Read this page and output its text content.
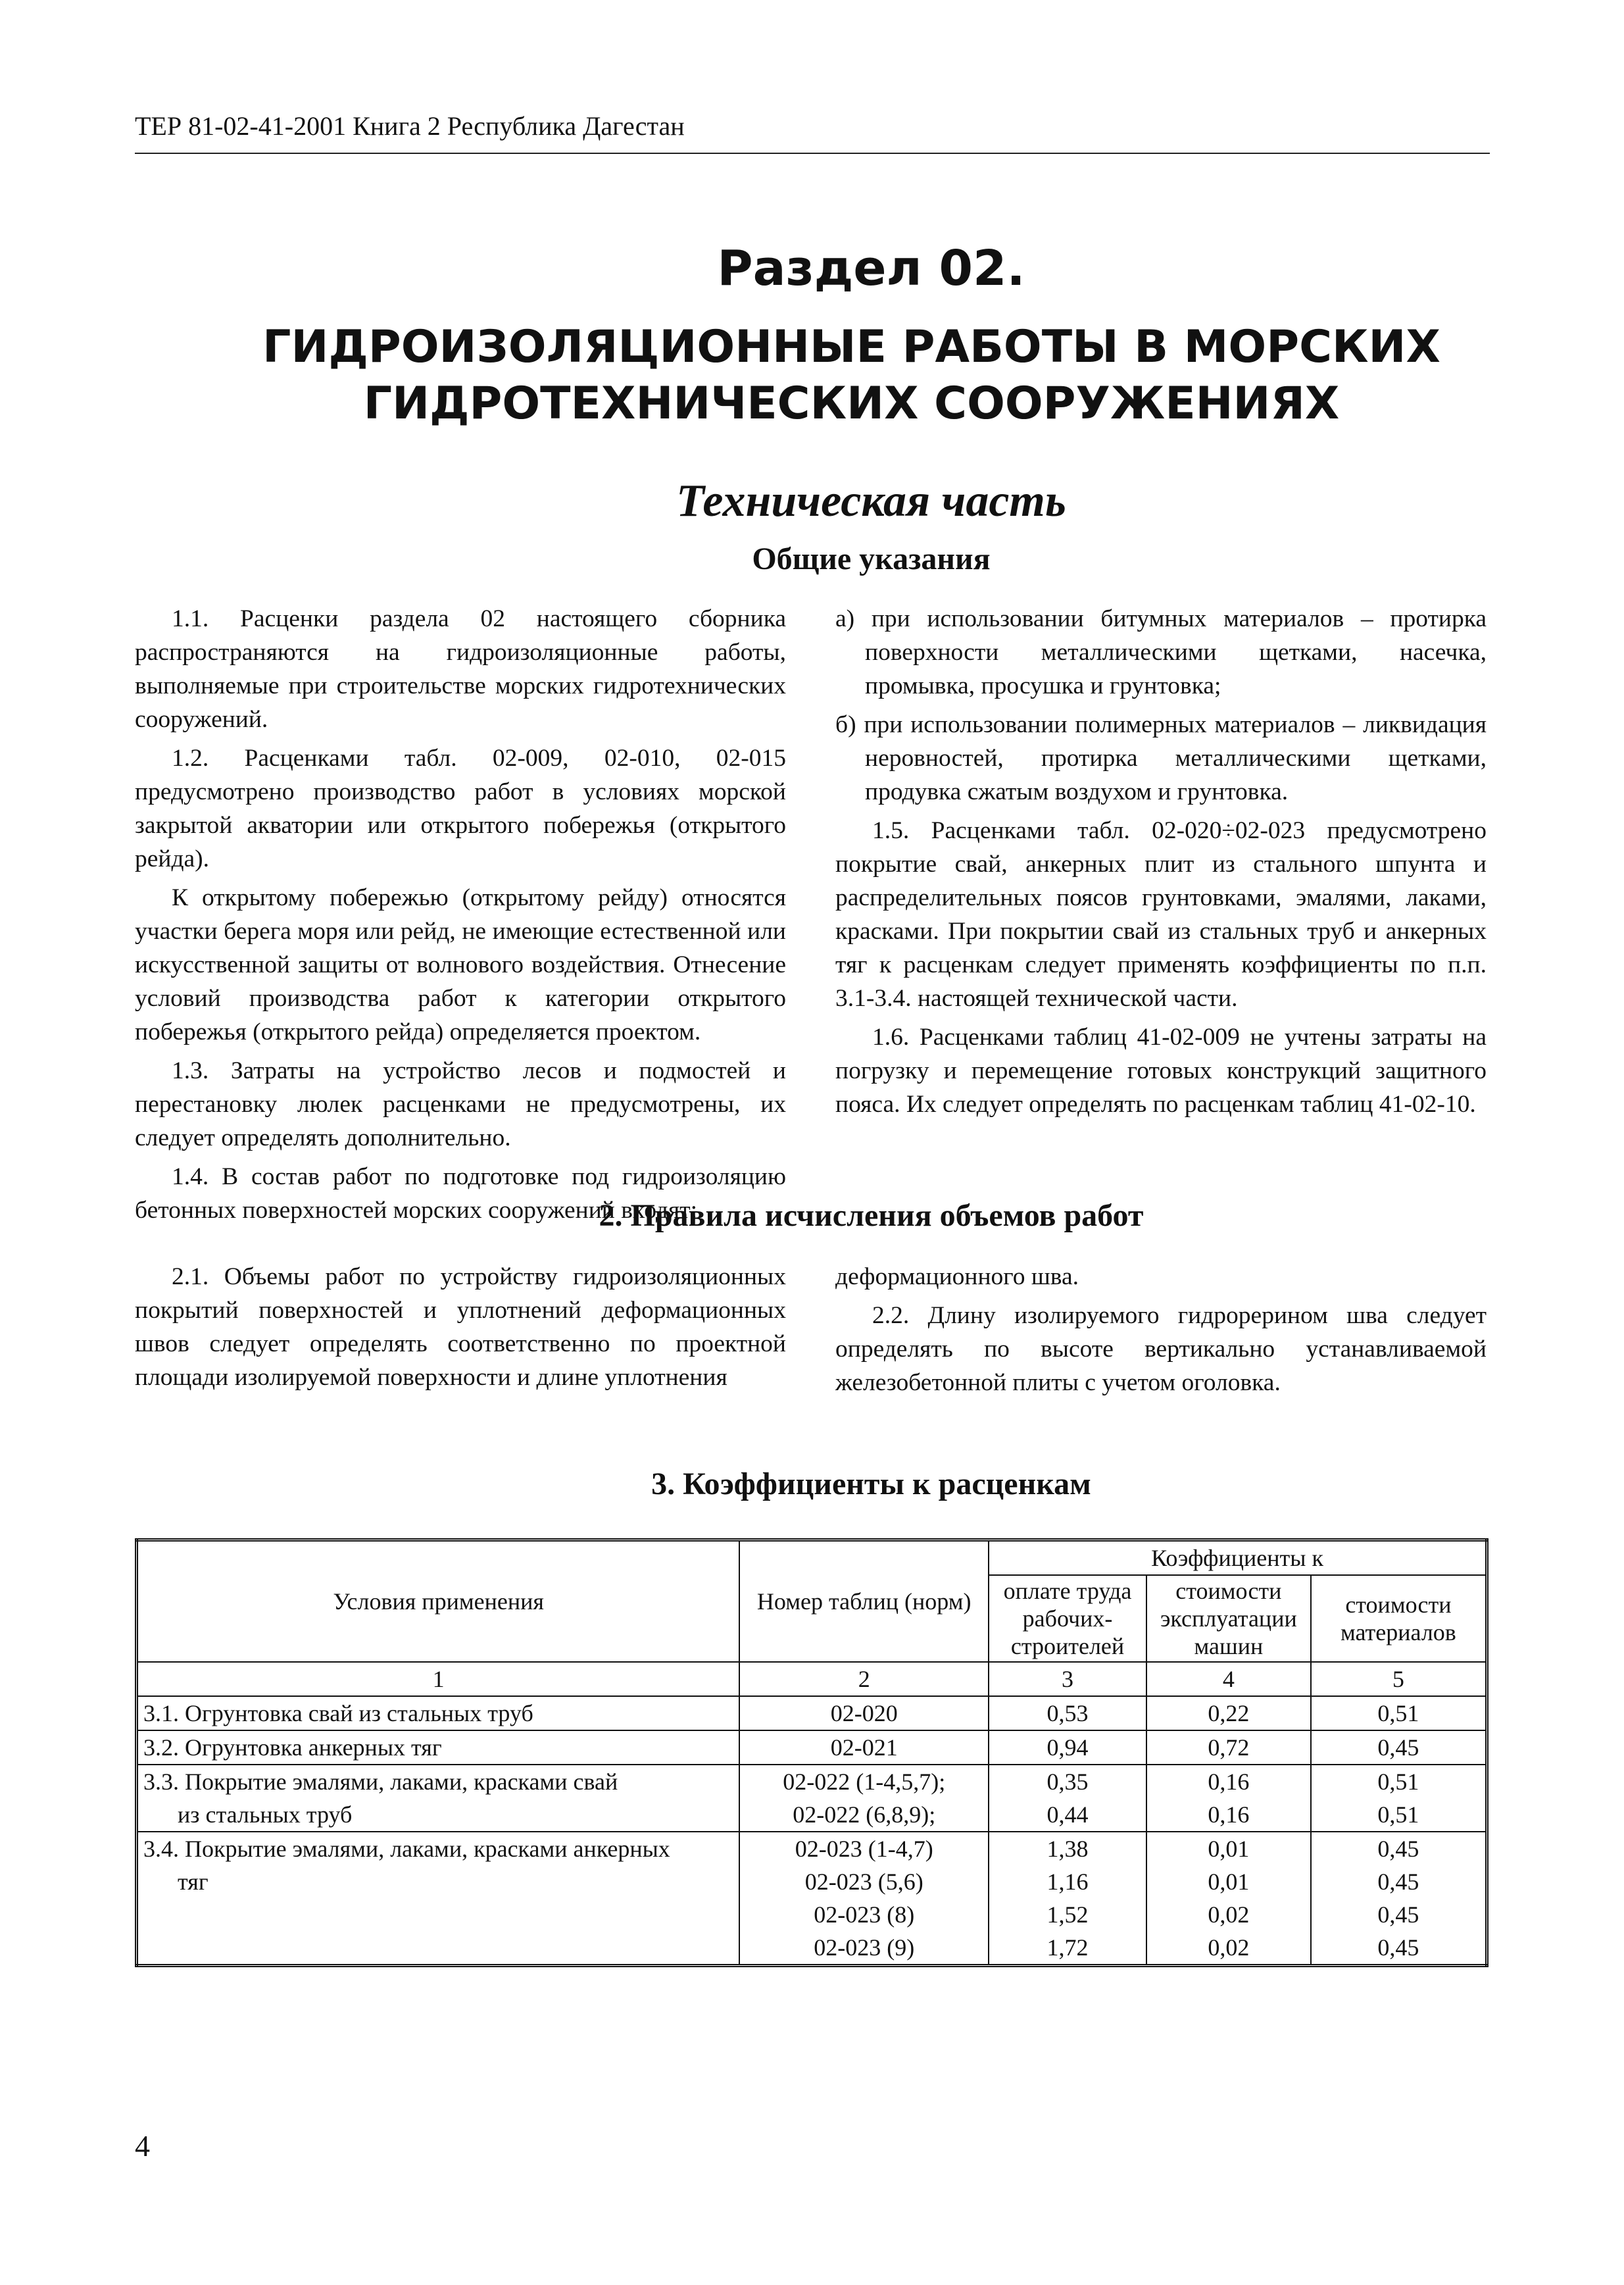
ТЕР 81-02-41-2001 Книга 2 Республика Дагестан
Раздел 02.
ГИДРОИЗОЛЯЦИОННЫЕ РАБОТЫ В МОРСКИХ
ГИДРОТЕХНИЧЕСКИХ СООРУЖЕНИЯХ
Техническая часть
Общие указания

1.1. Расценки раздела 02 настоящего сборника распространяются на гидроизоляционные работы, выполняемые при строительстве морских гидротехнических сооружений.

1.2. Расценками табл. 02-009, 02-010, 02-015 предусмотрено производство работ в условиях морской закрытой акватории или открытого побережья (открытого рейда).

К открытому побережью (открытому рейду) относятся участки берега моря или рейд, не имеющие естественной или искусственной защиты от волнового воздействия. Отнесение условий производства работ к категории открытого побережья (открытого рейда) определяется проектом.

1.3. Затраты на устройство лесов и подмостей и перестановку люлек расценками не предусмотрены, их следует определять дополнительно.

1.4. В состав работ по подготовке под гидроизоляцию бетонных поверхностей морских сооружений входят:

а) при использовании битумных материалов – протирка поверхности металлическими щетками, насечка, промывка, просушка и грунтовка;

б) при использовании полимерных материалов – ликвидация неровностей, протирка металлическими щетками, продувка сжатым воздухом и грунтовка.

1.5. Расценками табл. 02-020÷02-023 предусмотрено покрытие свай, анкерных плит из стального шпунта и распределительных поясов грунтовками, эмалями, лаками, красками. При покрытии свай из стальных труб и анкерных тяг к расценкам следует применять коэффициенты по п.п. 3.1-3.4. настоящей технической части.

1.6. Расценками таблиц 41-02-009 не учтены затраты на погрузку и перемещение готовых конструкций защитного пояса. Их следует определять по расценкам таблиц 41-02-10.

2. Правила исчисления объемов работ

2.1. Объемы работ по устройству гидроизоляционных покрытий поверхностей и уплотнений деформационных швов следует определять соответственно по проектной площади изолируемой поверхности и длине уплотнения

деформационного шва.

2.2. Длину изолируемого гидрорерином шва следует определять по высоте вертикально устанавливаемой железобетонной плиты с учетом оголовка.

3. Коэффициенты к расценкам
Условия применения	Номер таблиц (норм)	Коэффициенты к		
		оплате труда рабочих-строителей	стоимости эксплуатации машин	стоимости материалов
1	2	3	4	5
3.1. Огрунтовка свай из стальных труб	02-020	0,53	0,22	0,51
3.2. Огрунтовка анкерных тяг	02-021	0,94	0,72	0,45
3.3. Покрытие эмалями, лаками, красками свай	02-022 (1-4,5,7);	0,35	0,16	0,51
из стальных труб	02-022 (6,8,9);	0,44	0,16	0,51
3.4. Покрытие эмалями, лаками, красками анкерных	02-023 (1-4,7)	1,38	0,01	0,45
тяг	02-023 (5,6)	1,16	0,01	0,45
	02-023 (8)	1,52	0,02	0,45
	02-023 (9)	1,72	0,02	0,45
4
